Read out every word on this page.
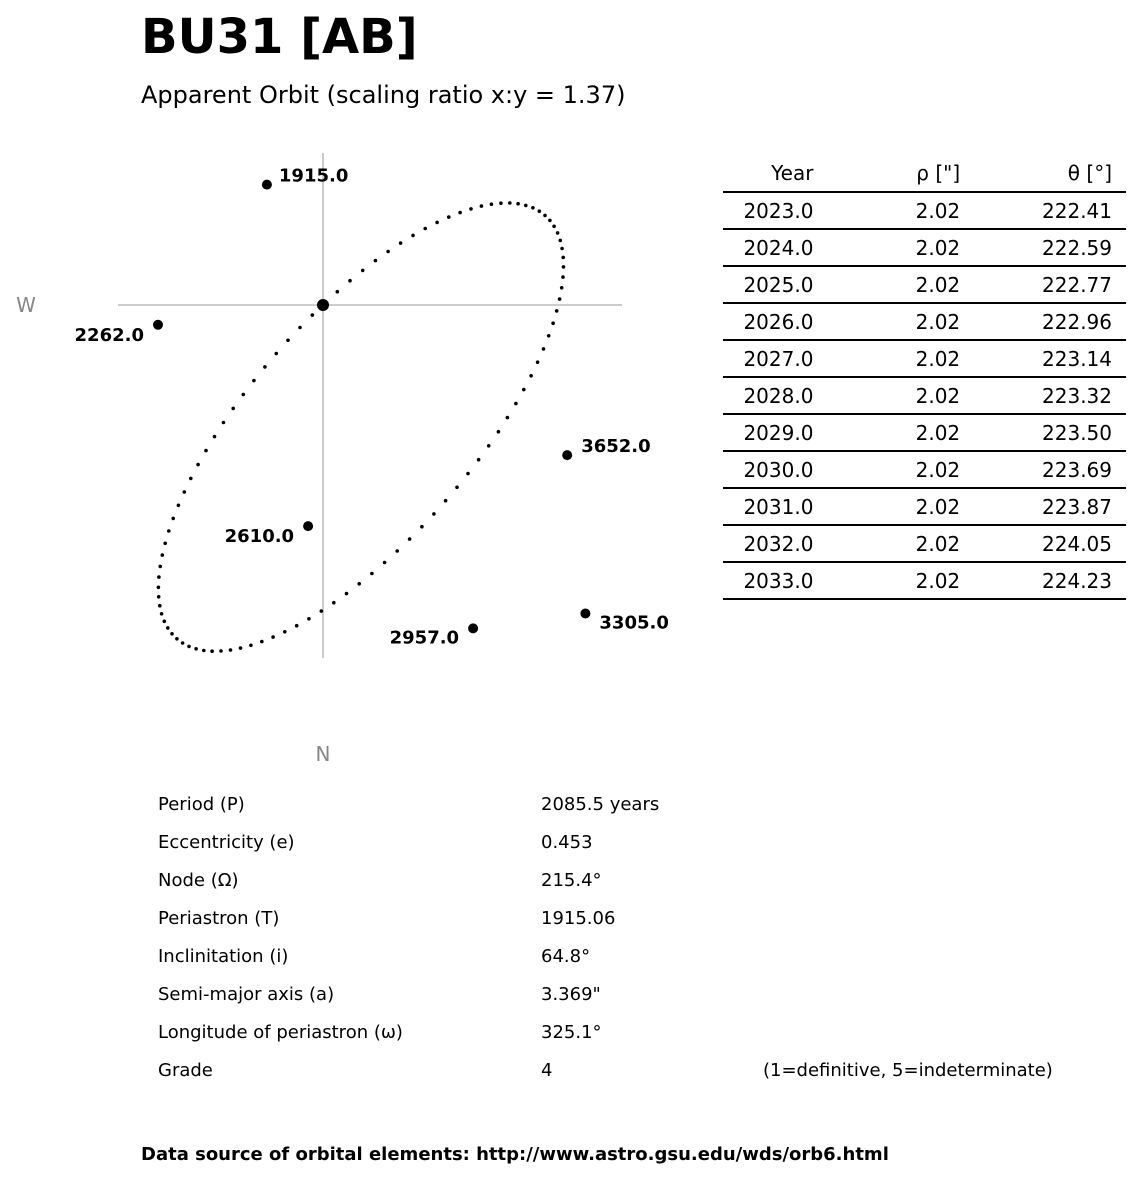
BU31 [AB]
Apparent Orbit (scaling ratio x:y = 1.37)
W
N
1915.0
2262.0
2610.0
2957.0
3305.0
3652.0
Year	ρ ["]	θ [°]
2023.0	2.02	222.41
2024.0	2.02	222.59
2025.0	2.02	222.77
2026.0	2.02	222.96
2027.0	2.02	223.14
2028.0	2.02	223.32
2029.0	2.02	223.50
2030.0	2.02	223.69
2031.0	2.02	223.87
2032.0	2.02	224.05
2033.0	2.02	224.23
Period (P)	2085.5 years
Eccentricity (e)	0.453
Node (Ω)	215.4°
Periastron (T)	1915.06
Inclinitation (i)	64.8°
Semi-major axis (a)	3.369"
Longitude of periastron (ω)	325.1°
Grade	4	(1=definitive, 5=indeterminate)
Data source of orbital elements: http://www.astro.gsu.edu/wds/orb6.html
